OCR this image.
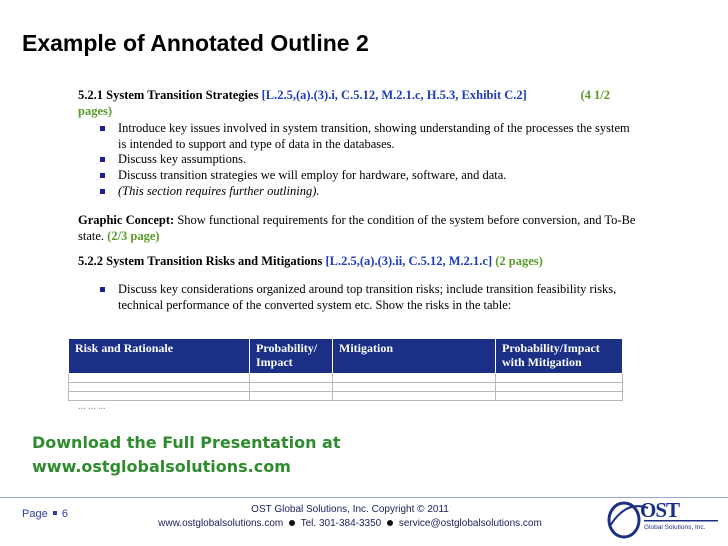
Example of Annotated Outline 2
5.2.1 System Transition Strategies [L.2.5,(a).(3).i, C.5.12, M.2.1.c, H.5.3, Exhibit C.2]	(4 1/2
pages)
Introduce key issues involved in system transition, showing understanding of the processes the system is intended to support and type of data in the databases.
Discuss key assumptions.
Discuss transition strategies we will employ for hardware, software, and data.
(This section requires further outlining).
Graphic Concept: Show functional requirements for the condition of the system before conversion, and To-Be state. (2/3 page)
5.2.2 System Transition Risks and Mitigations [L.2.5,(a).(3).ii, C.5.12, M.2.1.c] (2 pages)
Discuss key considerations organized around top transition risks; include transition feasibility risks, technical performance of the converted system etc. Show the risks in the table:
Risk and Rationale	Probability/ Impact	Mitigation	Probability/Impact with Mitigation

... ... ...
Download the Full Presentation at
www.ostglobalsolutions.com
Page 6	OST Global Solutions, Inc. Copyright © 2011
www.ostglobalsolutions.com Tel. 301-384-3350 service@ostglobalsolutions.com
OST
Global Solutions, Inc.
